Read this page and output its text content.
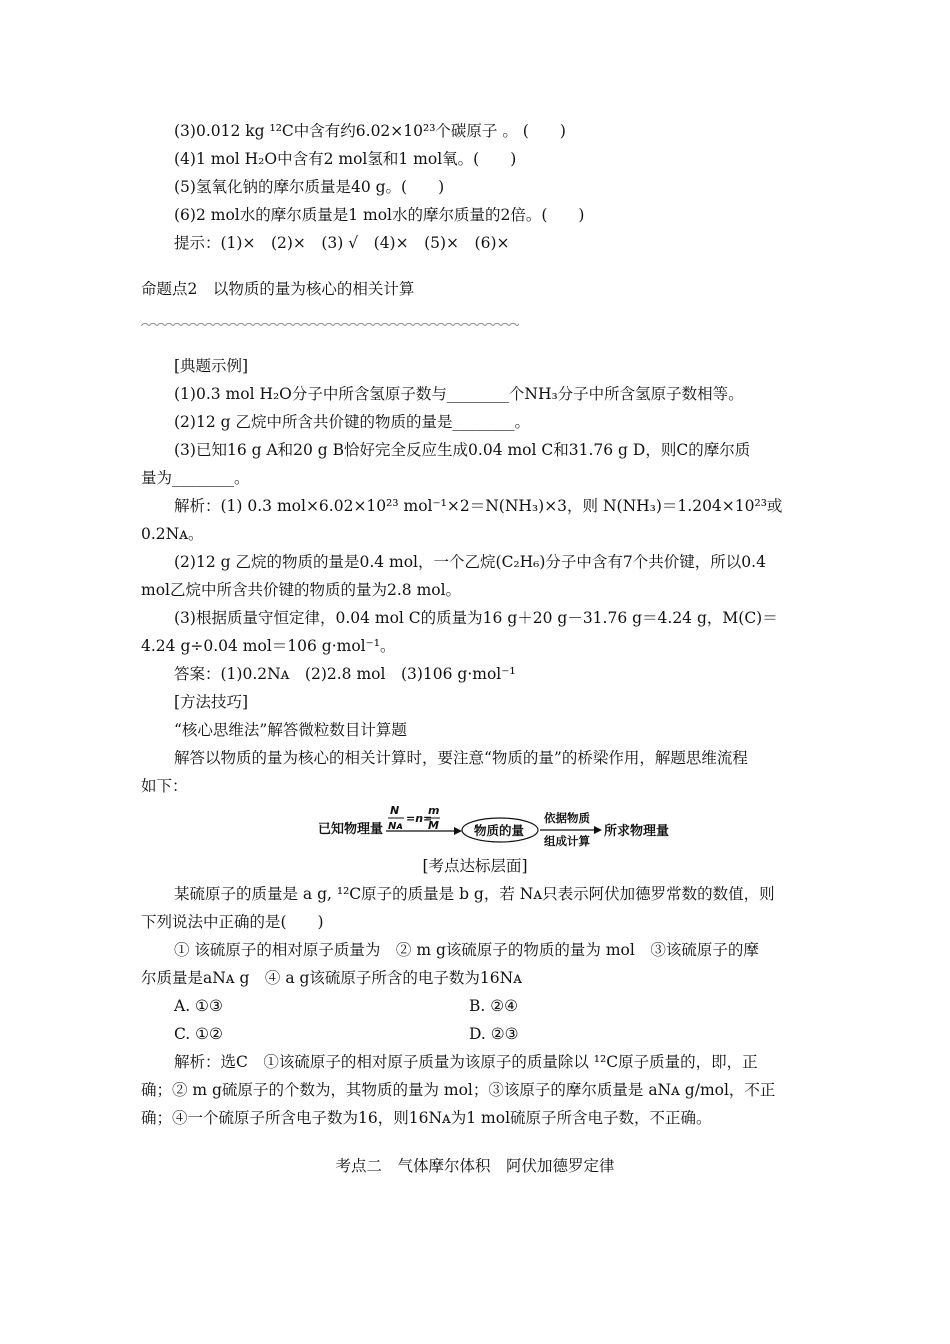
(3)0.012 kg ¹²C中含有约6.02×10²³个碳原子 。 (　　)
(4)1 mol H₂O中含有2 mol氢和1 mol氧。(　　)
(5)氢氧化钠的摩尔质量是40 g。(　　)
(6)2 mol水的摩尔质量是1 mol水的摩尔质量的2倍。(　　)
提示：(1)×　(2)×　(3) √　(4)×　(5)×　(6)×
命题点2　以物质的量为核心的相关计算
[典题示例]
(1)0.3 mol H₂O分子中所含氢原子数与________个NH₃分子中所含氢原子数相等。
(2)12 g 乙烷中所含共价键的物质的量是________。
(3)已知16 g A和20 g B恰好完全反应生成0.04 mol C和31.76 g D，则C的摩尔质
量为________。
解析：(1) 0.3 mol×6.02×10²³ mol⁻¹×2＝N(NH₃)×3，则 N(NH₃)＝1.204×10²³或
0.2Nᴀ。
(2)12 g 乙烷的物质的量是0.4 mol，一个乙烷(C₂H₆)分子中含有7个共价键，所以0.4
mol乙烷中所含共价键的物质的量为2.8 mol。
(3)根据质量守恒定律，0.04 mol C的质量为16 g＋20 g－31.76 g＝4.24 g，M(C)＝
4.24 g÷0.04 mol＝106 g·mol⁻¹。
答案：(1)0.2Nᴀ　(2)2.8 mol　(3)106 g·mol⁻¹
[方法技巧]
“核心思维法”解答微粒数目计算题
解答以物质的量为核心的相关计算时，要注意“物质的量”的桥梁作用，解题思维流程
如下：
已知物理量
N
Nᴀ
=n=
m
M	物质的量
依据物质
组成计算
所求物理量
[考点达标层面]
某硫原子的质量是 a g, ¹²C原子的质量是 b g，若 Nᴀ只表示阿伏加德罗常数的数值，则
下列说法中正确的是(　　)
① 该硫原子的相对原子质量为　② m g该硫原子的物质的量为 mol　③该硫原子的摩
尔质量是aNᴀ g　④ a g该硫原子所含的电子数为16Nᴀ
A. ①③	B. ②④
C. ①②	D. ②③
解析：选C　①该硫原子的相对原子质量为该原子的质量除以 ¹²C原子质量的，即，正
确；② m g硫原子的个数为，其物质的量为 mol；③该原子的摩尔质量是 aNᴀ g/mol，不正
确；④一个硫原子所含电子数为16，则16Nᴀ为1 mol硫原子所含电子数，不正确。
考点二　气体摩尔体积　阿伏加德罗定律
